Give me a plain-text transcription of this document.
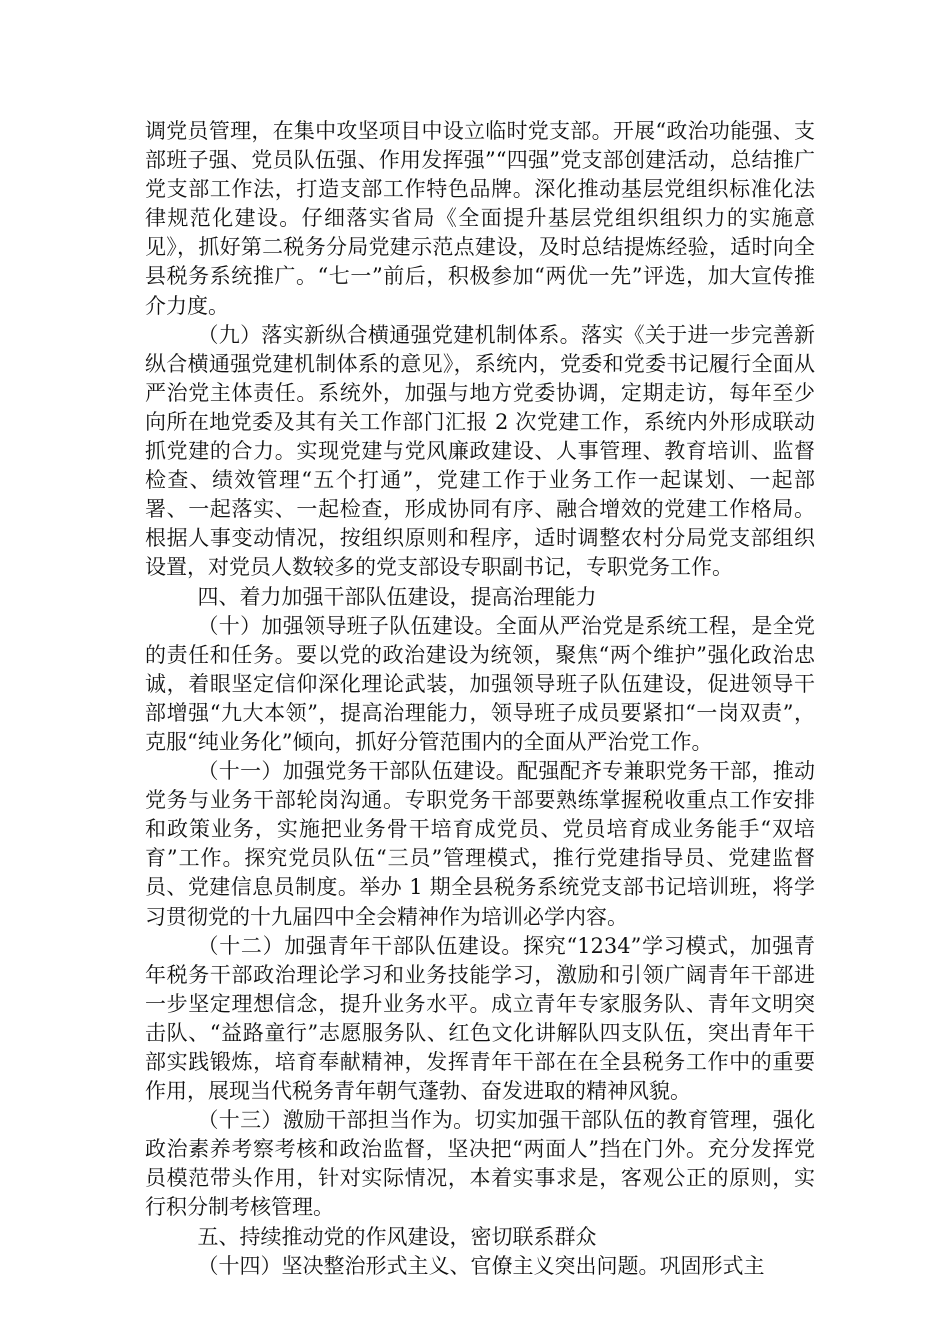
调党员管理，在集中攻坚项目中设立临时党支部。开展“政治功能强、支部班子强、党员队伍强、作用发挥强”“四强”党支部创建活动，总结推广党支部工作法，打造支部工作特色品牌。深化推动基层党组织标准化法律规范化建设。仔细落实省局《全面提升基层党组织组织力的实施意见》，抓好第二税务分局党建示范点建设，及时总结提炼经验，适时向全县税务系统推广。“七一”前后，积极参加“两优一先”评选，加大宣传推介力度。

（九）落实新纵合横通强党建机制体系。落实《关于进一步完善新纵合横通强党建机制体系的意见》，系统内，党委和党委书记履行全面从严治党主体责任。系统外，加强与地方党委协调，定期走访，每年至少向所在地党委及其有关工作部门汇报 2 次党建工作，系统内外形成联动抓党建的合力。实现党建与党风廉政建设、人事管理、教育培训、监督检查、绩效管理“五个打通”，党建工作于业务工作一起谋划、一起部署、一起落实、一起检查，形成协同有序、融合增效的党建工作格局。根据人事变动情况，按组织原则和程序，适时调整农村分局党支部组织设置，对党员人数较多的党支部设专职副书记，专职党务工作。

四、着力加强干部队伍建设，提高治理能力

（十）加强领导班子队伍建设。全面从严治党是系统工程，是全党的责任和任务。要以党的政治建设为统领，聚焦“两个维护”强化政治忠诚，着眼坚定信仰深化理论武装，加强领导班子队伍建设，促进领导干部增强“九大本领”，提高治理能力，领导班子成员要紧扣“一岗双责”，克服“纯业务化”倾向，抓好分管范围内的全面从严治党工作。

（十一）加强党务干部队伍建设。配强配齐专兼职党务干部，推动党务与业务干部轮岗沟通。专职党务干部要熟练掌握税收重点工作安排和政策业务，实施把业务骨干培育成党员、党员培育成业务能手“双培育”工作。探究党员队伍“三员”管理模式，推行党建指导员、党建监督员、党建信息员制度。举办 1 期全县税务系统党支部书记培训班，将学习贯彻党的十九届四中全会精神作为培训必学内容。

（十二）加强青年干部队伍建设。探究“1234”学习模式，加强青年税务干部政治理论学习和业务技能学习，激励和引领广阔青年干部进一步坚定理想信念，提升业务水平。成立青年专家服务队、青年文明突击队、“益路童行”志愿服务队、红色文化讲解队四支队伍，突出青年干部实践锻炼，培育奉献精神，发挥青年干部在在全县税务工作中的重要作用，展现当代税务青年朝气蓬勃、奋发进取的精神风貌。

（十三）激励干部担当作为。切实加强干部队伍的教育管理，强化政治素养考察考核和政治监督，坚决把“两面人”挡在门外。充分发挥党员模范带头作用，针对实际情况，本着实事求是，客观公正的原则，实行积分制考核管理。

五、持续推动党的作风建设，密切联系群众

（十四）坚决整治形式主义、官僚主义突出问题。巩固形式主
